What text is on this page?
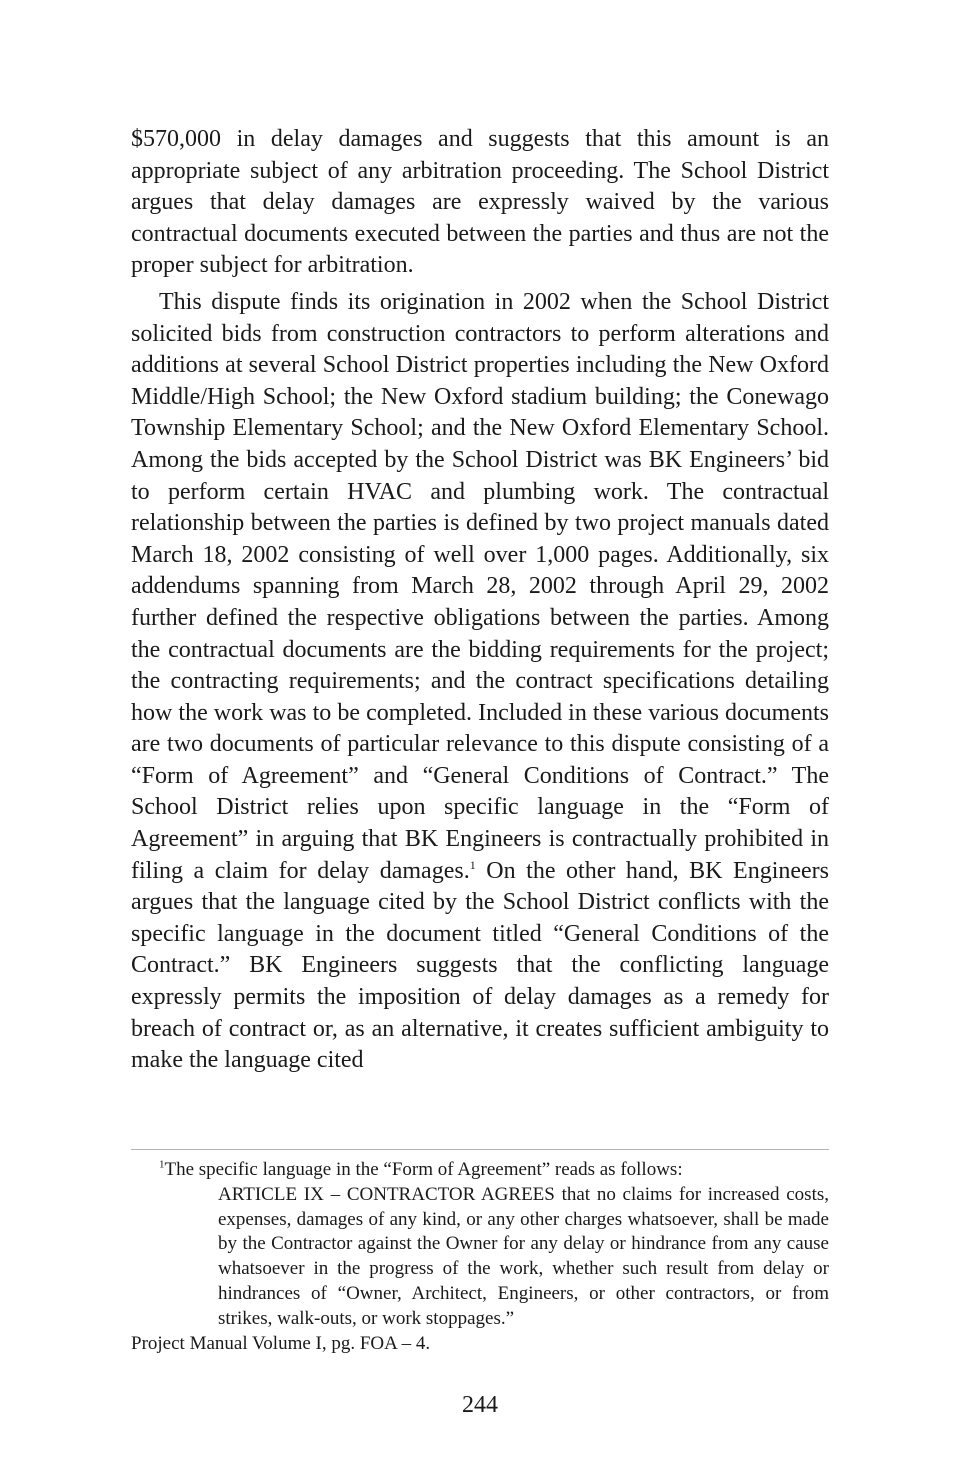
$570,000 in delay damages and suggests that this amount is an appropriate subject of any arbitration proceeding. The School District argues that delay damages are expressly waived by the various contractual documents executed between the parties and thus are not the proper subject for arbitration.

This dispute finds its origination in 2002 when the School District solicited bids from construction contractors to perform alterations and additions at several School District properties including the New Oxford Middle/High School; the New Oxford stadium building; the Conewago Township Elementary School; and the New Oxford Elementary School. Among the bids accepted by the School District was BK Engineers’ bid to perform certain HVAC and plumbing work. The contractual relationship between the parties is defined by two project manuals dated March 18, 2002 consisting of well over 1,000 pages. Additionally, six addendums spanning from March 28, 2002 through April 29, 2002 further defined the respective obligations between the parties. Among the contractual documents are the bidding requirements for the project; the contracting requirements; and the contract specifications detailing how the work was to be completed. Included in these various documents are two documents of particular relevance to this dispute consisting of a “Form of Agreement” and “General Conditions of Contract.” The School District relies upon specific language in the “Form of Agreement” in arguing that BK Engineers is contractually prohibited in filing a claim for delay damages.$^1$ On the other hand, BK Engineers argues that the language cited by the School District conflicts with the specific language in the document titled “General Conditions of the Contract.” BK Engineers suggests that the conflicting language expressly permits the imposition of delay damages as a remedy for breach of contract or, as an alternative, it creates sufficient ambiguity to make the language cited

$^1$The specific language in the “Form of Agreement” reads as follows:

ARTICLE IX – CONTRACTOR AGREES that no claims for increased costs, expenses, damages of any kind, or any other charges whatsoever, shall be made by the Contractor against the Owner for any delay or hindrance from any cause whatsoever in the progress of the work, whether such result from delay or hindrances of “Owner, Architect, Engineers, or other contractors, or from strikes, walk-outs, or work stoppages.”

Project Manual Volume I, pg. FOA – 4.

244
